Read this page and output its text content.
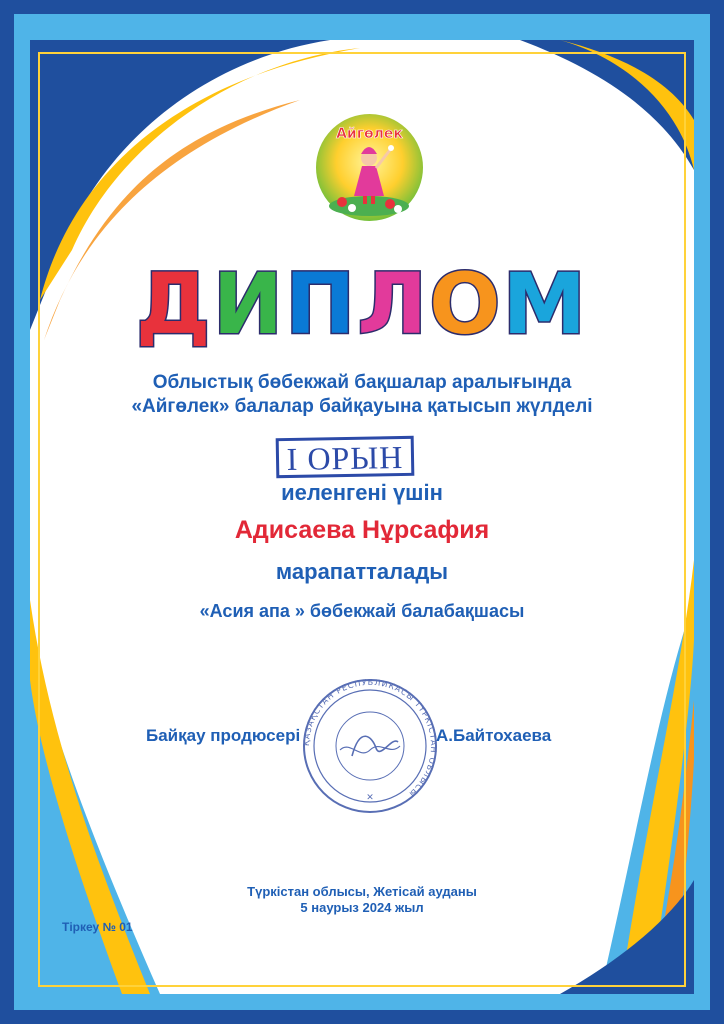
Айгөлек
ДИПЛОМ
Облыстық бөбекжай бақшалар аралығында
«Айгөлек» балалар байқауына қатысып жүлделі
I ОРЫН
иеленгені үшін
Адисаева Нұрсафия
марапатталады
«Асия апа » бөбекжай балабақшасы
Байқау продюсері	А.Байтохаева
ҚАЗАҚСТАН РЕСПУБЛИКАСЫ ТҮРКІСТАН ОБЛЫСЫ
✕
Түркістан облысы, Жетісай ауданы
5 наурыз 2024 жыл
Тіркеу № 01
